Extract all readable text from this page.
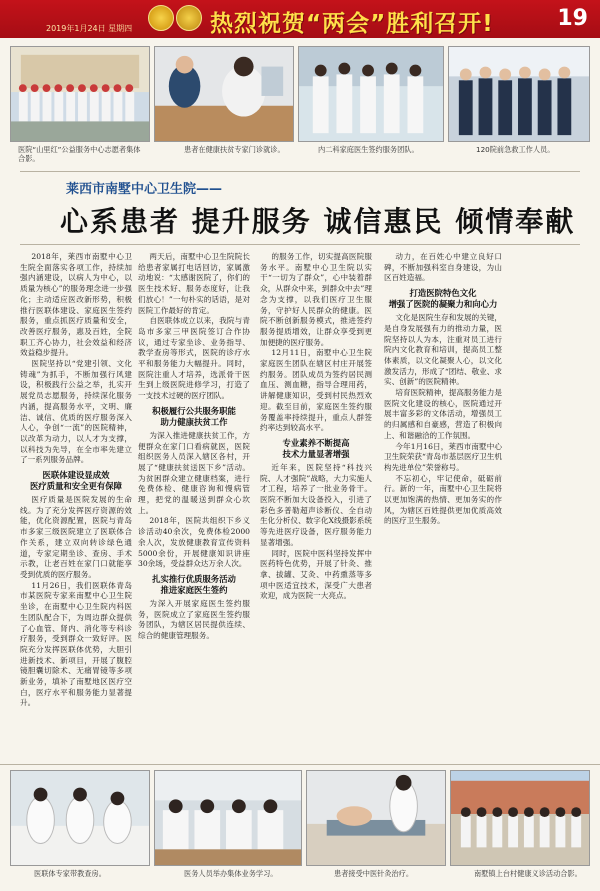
2019年1月24日 星期四	热烈祝贺“两会”胜利召开!	19
医院“山里红”公益服务中心志愿者集体合影。
患者在健康扶贫专家门诊就诊。	内二科家庭医生签约服务团队。	120院前急救工作人员。
莱西市南墅中心卫生院——
心系患者 提升服务 诚信惠民 倾情奉献

2018年，莱西市南墅中心卫生院全面落实各项工作，持续加强内涵建设，以病人为中心，以质量为核心”的服务理念进一步强化；主动适应医改新形势，积极推行医联体建设、家庭医生签约服务，重点抓医疗质量和安全，改善医疗服务，惠及百姓，全院职工齐心协力，社会效益和经济效益稳步提升。

医院坚持以“党建引领、文化铸魂”为抓手，不断加强行风建设，积极践行公益之举，扎实开展党员志愿服务，持续深化服务内涵，提高服务水平，文明、廉洁、诚信、优质的医疗服务深入人心，争创“一流”的医院精神，以改革为动力，以人才为支撑，以科技为先导，在全市率先建立了一系列服务品牌。

医联体建设显成效
医疗质量和安全更有保障

医疗质量是医院发展的生命线。为了充分发挥医疗资源的效能，优化资源配置，医院与青岛市多家三级医院建立了医联体合作关系，建立双向转诊绿色通道，专家定期坐诊、查房、手术示教，让老百姓在家门口就能享受到优质的医疗服务。

11月26日，我们医联体青岛市某医院专家来南墅中心卫生院坐诊，在南墅中心卫生院内科医生团队配合下，为周边群众提供了心血管、肾内、消化等专科诊疗服务，受到群众一致好评。医院充分发挥医联体优势，大胆引进新技术、新项目，开展了腹腔镜胆囊切除术、无痛胃镜等多项新业务，填补了南墅地区医疗空白，医疗水平和服务能力显著提升。

两天后，南墅中心卫生院院长给患者家属打电话回访，家属激动地说：“太感谢医院了，你们的医生技术好、服务态度好，让我们放心！”一句朴实的话语，是对医院工作最好的肯定。

自医联体成立以来，我院与青岛市多家三甲医院签订合作协议，通过专家坐诊、业务指导、教学查房等形式，医院的诊疗水平和服务能力大幅提升。同时，医院注重人才培养，选派骨干医生到上级医院进修学习，打造了一支技术过硬的医疗团队。

积极履行公共服务职能
助力健康扶贫工作

为深入推进健康扶贫工作，方便群众在家门口看病就医，医院组织医务人员深入辖区各村，开展了“健康扶贫送医下乡”活动。为贫困群众建立健康档案，进行免费体检、健康咨询和慢病管理，把党的温暖送到群众心坎上。

2018年，医院共组织下乡义诊活动40余次，免费体检2000余人次，发放健康教育宣传资料5000余份，开展健康知识讲座30余场，受益群众达万余人次。

扎实推行优质服务活动
推进家庭医生签约

为深入开展家庭医生签约服务，医院成立了家庭医生签约服务团队，为辖区居民提供连续、综合的健康管理服务。

的服务工作，切实提高医院服务水平。南墅中心卫生院以实干“一切为了群众”，心中装着群众，从群众中来，到群众中去”理念为支撑，以我们医疗卫生服务，守护好人民群众的健康。医院不断创新服务模式，推进签约服务提质增效，让群众享受到更加便捷的医疗服务。

12月11日，南墅中心卫生院家庭医生团队在辖区村庄开展签约服务。团队成员为签约居民测血压、测血糖，指导合理用药，讲解健康知识，受到村民热烈欢迎。截至目前，家庭医生签约服务覆盖率持续提升，重点人群签约率达到较高水平。

专业素养不断提高
技术力量显著增强

近年来，医院坚持“科技兴院、人才强院”战略，大力实施人才工程，培养了一批业务骨干。医院不断加大设备投入，引进了彩色多普勒超声诊断仪、全自动生化分析仪、数字化X线摄影系统等先进医疗设备，医疗服务能力显著增强。

同时，医院中医科坚持发挥中医药特色优势，开展了针灸、推拿、拔罐、艾灸、中药熏蒸等多项中医适宜技术，深受广大患者欢迎，成为医院一大亮点。

动力，在百姓心中建立良好口碑，不断加强科室自身建设，为山区百姓造福。

打造医院特色文化
增强了医院的凝聚力和向心力

文化是医院生存和发展的关键，是自身发展强有力的推动力量，医院坚持以人为本，注重对员工进行院内文化教育和培训，提高员工整体素质，以文化凝聚人心，以文化激发活力，形成了“团结、敬业、求实、创新”的医院精神。

培育医院精神，提高服务能力是医院文化建设的核心，医院通过开展丰富多彩的文体活动，增强员工的归属感和自豪感，营造了积极向上、和谐融洽的工作氛围。

今年1月16日，莱西市南墅中心卫生院荣获“青岛市基层医疗卫生机构先进单位”荣誉称号。

不忘初心，牢记使命，砥砺前行。新的一年，南墅中心卫生院将以更加饱满的热情、更加务实的作风，为辖区百姓提供更加优质高效的医疗卫生服务。

医联体专家带教查房。	医务人员举办集体业务学习。	患者接受中医针灸治疗。	南墅镇上台村健康义诊活动合影。
